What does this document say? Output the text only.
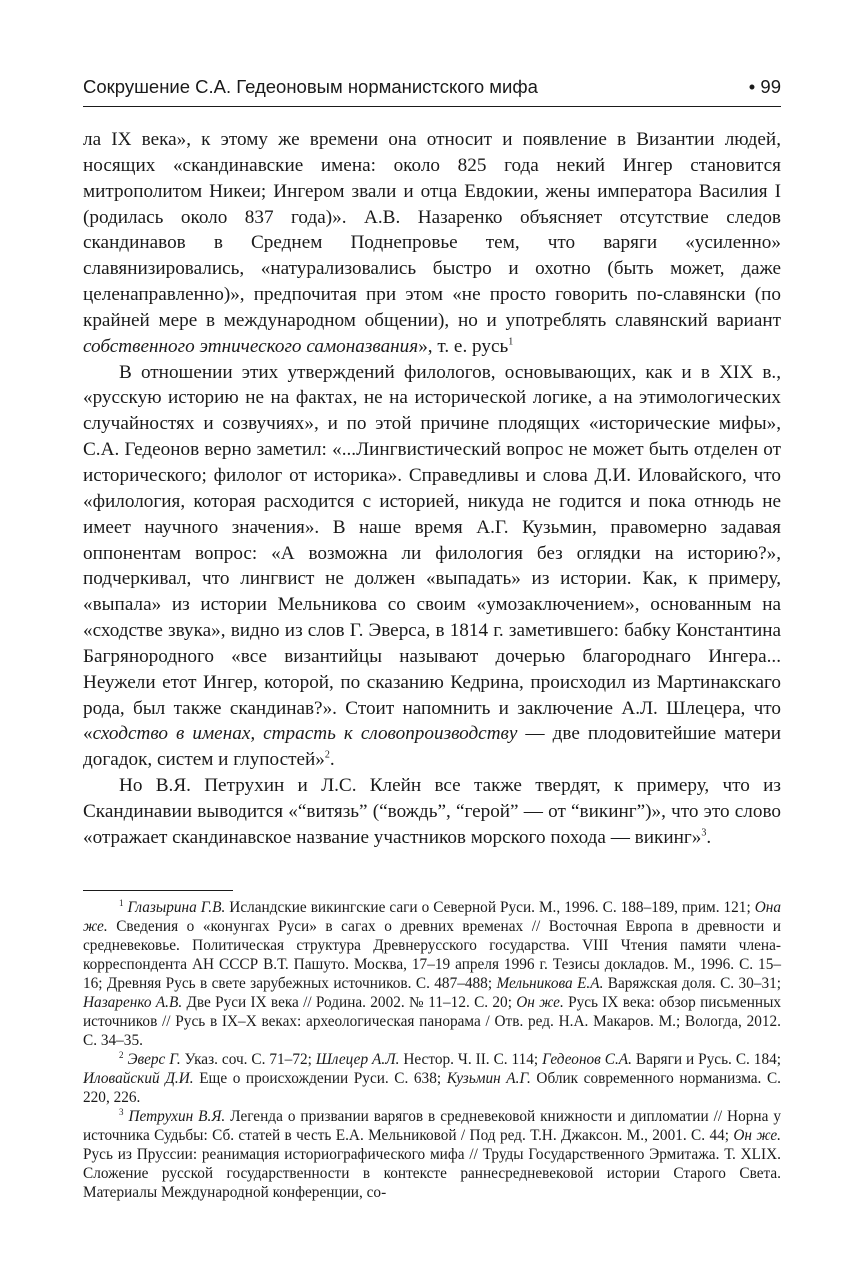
Сокрушение С.А. Гедеоновым норманистского мифа	• 99

ла IX века», к этому же времени она относит и появление в Византии людей, носящих «скандинавские имена: около 825 года некий Ингер становится митрополитом Никеи; Ингером звали и отца Евдокии, жены императора Василия I (родилась около 837 года)». А.В. Назаренко объясняет отсутствие следов скандинавов в Среднем Поднепровье тем, что варяги «усиленно» славянизировались, «натурализовались быстро и охотно (быть может, даже целенаправленно)», предпочитая при этом «не просто говорить по-славянски (по крайней мере в международном общении), но и употреблять славянский вариант собственного этнического самоназвания», т. е. русь$^1$

В отношении этих утверждений филологов, основывающих, как и в XIX в., «русскую историю не на фактах, не на исторической логике, а на этимологических случайностях и созвучиях», и по этой причине плодящих «исторические мифы», С.А. Гедеонов верно заметил: «...Лингвистический вопрос не может быть отделен от исторического; филолог от историка». Справедливы и слова Д.И. Иловайского, что «филология, которая расходится с историей, никуда не годится и пока отнюдь не имеет научного значения». В наше время А.Г. Кузьмин, правомерно задавая оппонентам вопрос: «А возможна ли филология без оглядки на историю?», подчеркивал, что лингвист не должен «выпадать» из истории. Как, к примеру, «выпала» из истории Мельникова со своим «умозаключением», основанным на «сходстве звука», видно из слов Г. Эверса, в 1814 г. заметившего: бабку Константина Багрянородного «все византийцы называют дочерью благороднаго Ингера... Неужели етот Ингер, которой, по сказанию Кедрина, происходил из Мартинакскаго рода, был также скандинав?». Стоит напомнить и заключение А.Л. Шлецера, что «сходство в именах, страсть к словопроизводству — две плодовитейшие матери догадок, систем и глупостей»$^2$.

Но В.Я. Петрухин и Л.С. Клейн все также твердят, к примеру, что из Скандинавии выводится «“витязь” (“вождь”, “герой” — от “викинг”)», что это слово «отражает скандинавское название участников морского похода — викинг»$^3$.

$^1$ Глазырина Г.В. Исландские викингские саги о Северной Руси. М., 1996. С. 188–189, прим. 121; Она же. Сведения о «конунгах Руси» в сагах о древних временах // Восточная Европа в древности и средневековье. Политическая структура Древнерусского государства. VIII Чтения памяти члена-корреспондента АН СССР В.Т. Пашуто. Москва, 17–19 апреля 1996 г. Тезисы докладов. М., 1996. С. 15–16; Древняя Русь в свете зарубежных источников. С. 487–488; Мельникова Е.А. Варяжская доля. С. 30–31; Назаренко А.В. Две Руси IX века // Родина. 2002. № 11–12. С. 20; Он же. Русь IX века: обзор письменных источников // Русь в IX–X веках: археологическая панорама / Отв. ред. Н.А. Макаров. М.; Вологда, 2012. С. 34–35.

$^2$ Эверс Г. Указ. соч. С. 71–72; Шлецер А.Л. Нестор. Ч. II. С. 114; Гедеонов С.А. Варяги и Русь. С. 184; Иловайский Д.И. Еще о происхождении Руси. С. 638; Кузьмин А.Г. Облик современного норманизма. С. 220, 226.

$^3$ Петрухин В.Я. Легенда о призвании варягов в средневековой книжности и дипломатии // Норна у источника Судьбы: Сб. статей в честь Е.А. Мельниковой / Под ред. Т.Н. Джаксон. М., 2001. С. 44; Он же. Русь из Пруссии: реанимация историографического мифа // Труды Государственного Эрмитажа. Т. XLIX. Сложение русской государственности в контексте раннесредневековой истории Старого Света. Материалы Международной конференции, со-
